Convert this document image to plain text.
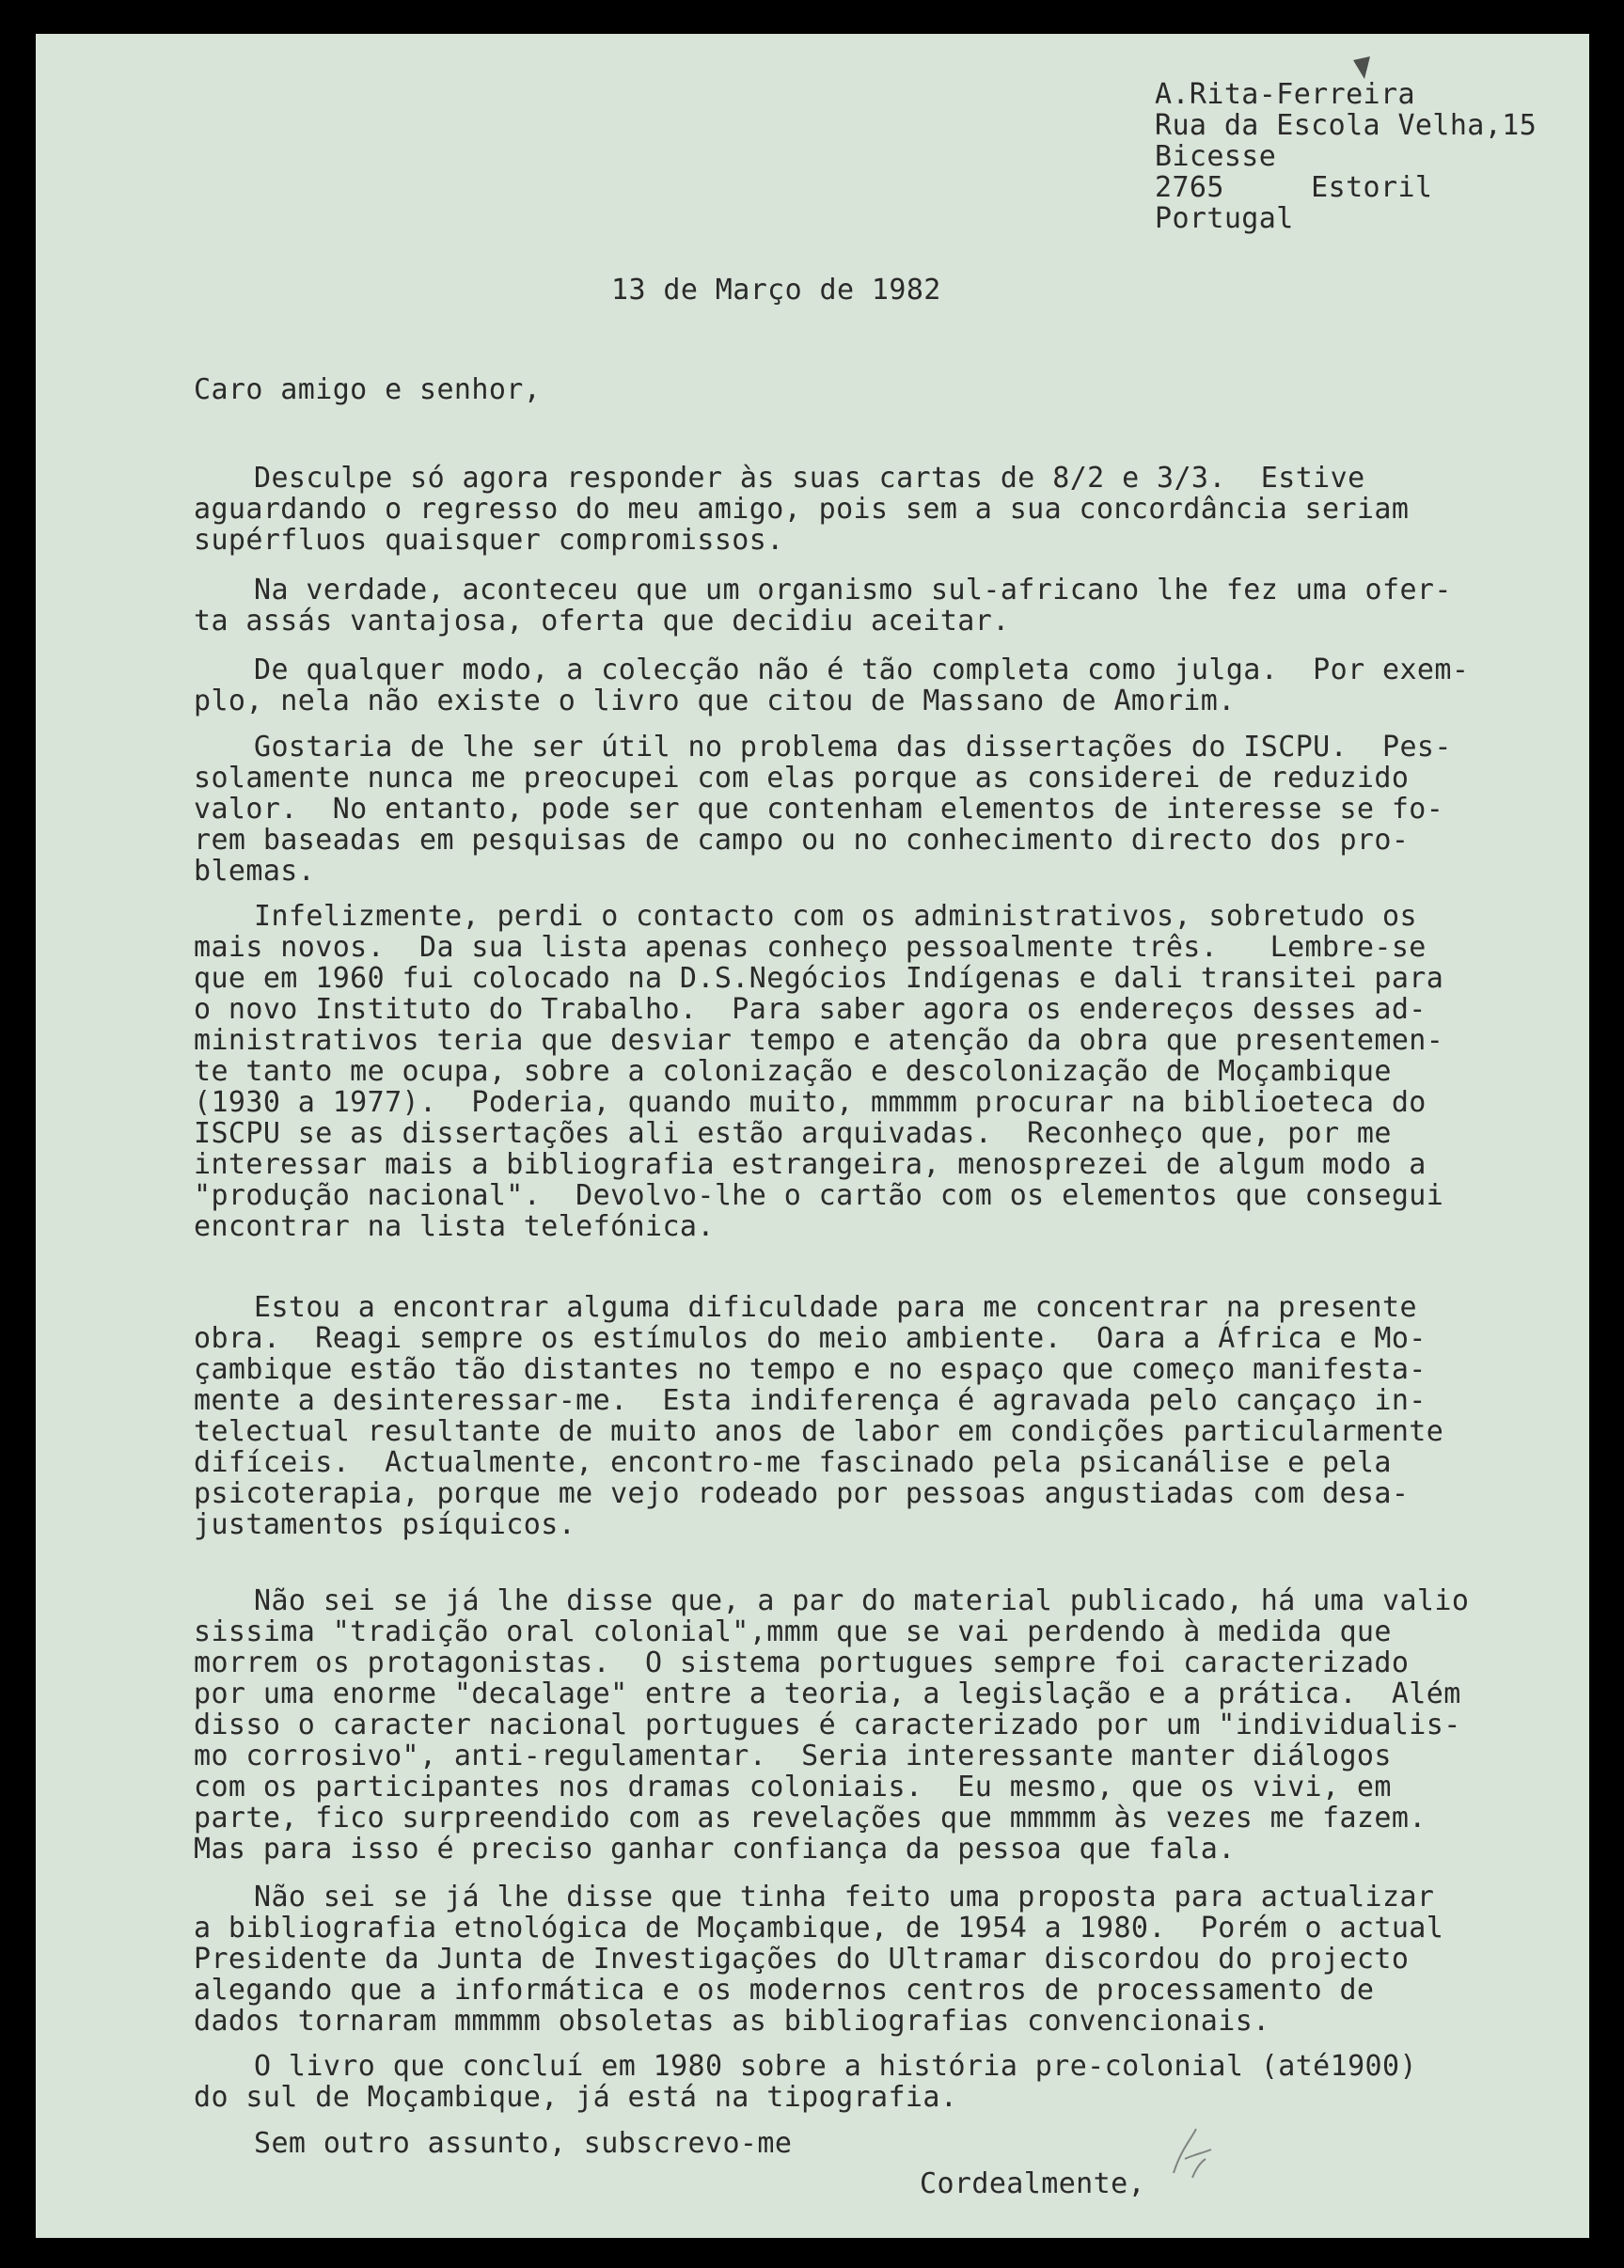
A.Rita-Ferreira

Rua da Escola Velha,15

Bicesse

2765     Estoril

Portugal

13 de Março de 1982

Caro amigo e senhor,

Desculpe só agora responder às suas cartas de 8/2 e 3/3.  Estive

aguardando o regresso do meu amigo, pois sem a sua concordância seriam

supérfluos quaisquer compromissos.

Na verdade, aconteceu que um organismo sul-africano lhe fez uma ofer-

ta assás vantajosa, oferta que decidiu aceitar.

De qualquer modo, a colecção não é tão completa como julga.  Por exem-

plo, nela não existe o livro que citou de Massano de Amorim.

Gostaria de lhe ser útil no problema das dissertações do ISCPU.  Pes-

solamente nunca me preocupei com elas porque as considerei de reduzido

valor.  No entanto, pode ser que contenham elementos de interesse se fo-

rem baseadas em pesquisas de campo ou no conhecimento directo dos pro-

blemas.

Infelizmente, perdi o contacto com os administrativos, sobretudo os

mais novos.  Da sua lista apenas conheço pessoalmente três.   Lembre-se

que em 1960 fui colocado na D.S.Negócios Indígenas e dali transitei para

o novo Instituto do Trabalho.  Para saber agora os endereços desses ad-

ministrativos teria que desviar tempo e atenção da obra que presentemen-

te tanto me ocupa, sobre a colonização e descolonização de Moçambique

(1930 a 1977).  Poderia, quando muito, mmmmm procurar na biblioeteca do

ISCPU se as dissertações ali estão arquivadas.  Reconheço que, por me

interessar mais a bibliografia estrangeira, menosprezei de algum modo a

"produção nacional".  Devolvo-lhe o cartão com os elementos que consegui

encontrar na lista telefónica.

Estou a encontrar alguma dificuldade para me concentrar na presente

obra.  Reagi sempre os estímulos do meio ambiente.  Oara a África e Mo-

çambique estão tão distantes no tempo e no espaço que começo manifesta-

mente a desinteressar-me.  Esta indiferença é agravada pelo cançaço in-

telectual resultante de muito anos de labor em condições particularmente

difíceis.  Actualmente, encontro-me fascinado pela psicanálise e pela

psicoterapia, porque me vejo rodeado por pessoas angustiadas com desa-

justamentos psíquicos.

Não sei se já lhe disse que, a par do material publicado, há uma valio

sissima "tradição oral colonial",mmm que se vai perdendo à medida que

morrem os protagonistas.  O sistema portugues sempre foi caracterizado

por uma enorme "decalage" entre a teoria, a legislação e a prática.  Além

disso o caracter nacional portugues é caracterizado por um "individualis-

mo corrosivo", anti-regulamentar.  Seria interessante manter diálogos

com os participantes nos dramas coloniais.  Eu mesmo, que os vivi, em

parte, fico surpreendido com as revelações que mmmmm às vezes me fazem.

Mas para isso é preciso ganhar confiança da pessoa que fala.

Não sei se já lhe disse que tinha feito uma proposta para actualizar

a bibliografia etnológica de Moçambique, de 1954 a 1980.  Porém o actual

Presidente da Junta de Investigações do Ultramar discordou do projecto

alegando que a informática e os modernos centros de processamento de

dados tornaram mmmmm obsoletas as bibliografias convencionais.

O livro que concluí em 1980 sobre a história pre-colonial (até1900)

do sul de Moçambique, já está na tipografia.

Sem outro assunto, subscrevo-me

Cordealmente,
